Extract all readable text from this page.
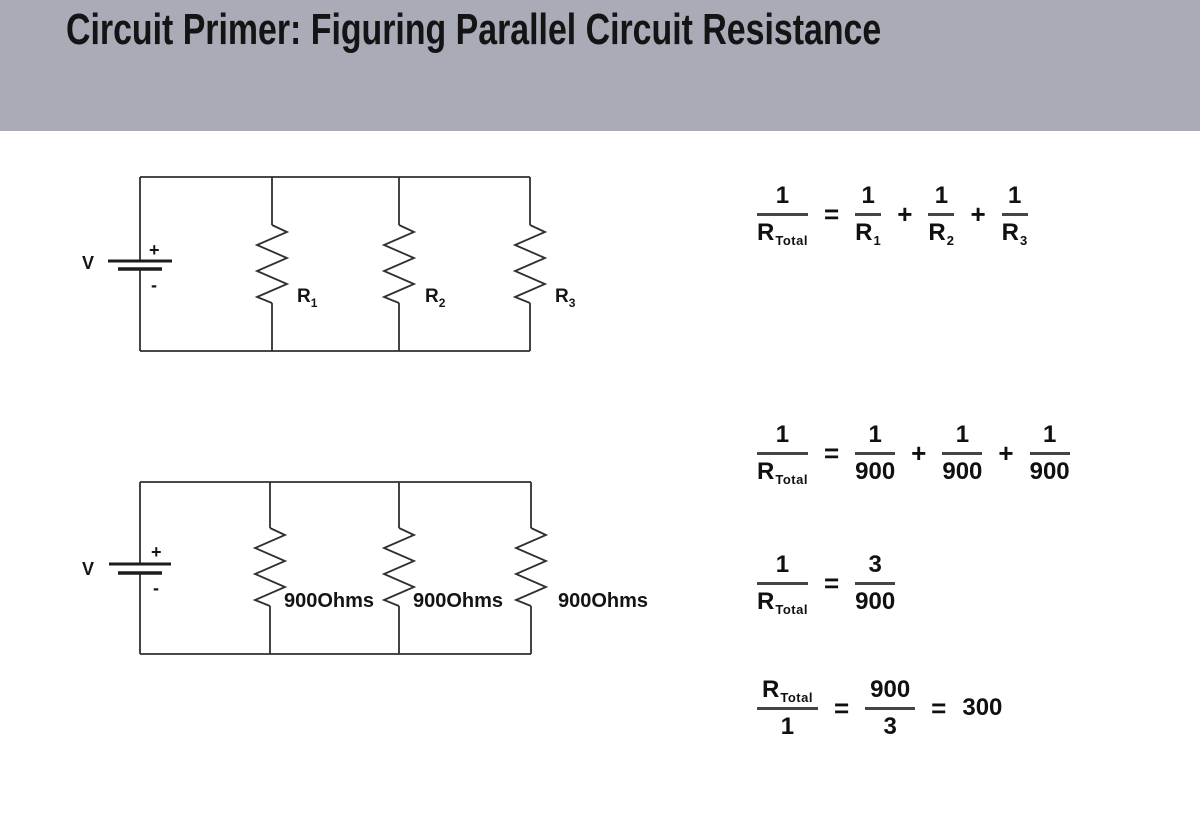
Circuit Primer: Figuring Parallel Circuit Resistance
V
+
-
$R_1$	$R_2$	$R_3$
V
+
-
900Ohms 900Ohms	900Ohms
$\frac{1}{R_{Total}} = \frac{1}{R_1} + \frac{1}{R_2} + \frac{1}{R_3}$
$\frac{1}{R_{Total}} = \frac{1}{900} + \frac{1}{900} + \frac{1}{900}$
$\frac{1}{R_{Total}} = \frac{3}{900}$
$\frac{R_{Total}}{1} = \frac{900}{3} = 300$
